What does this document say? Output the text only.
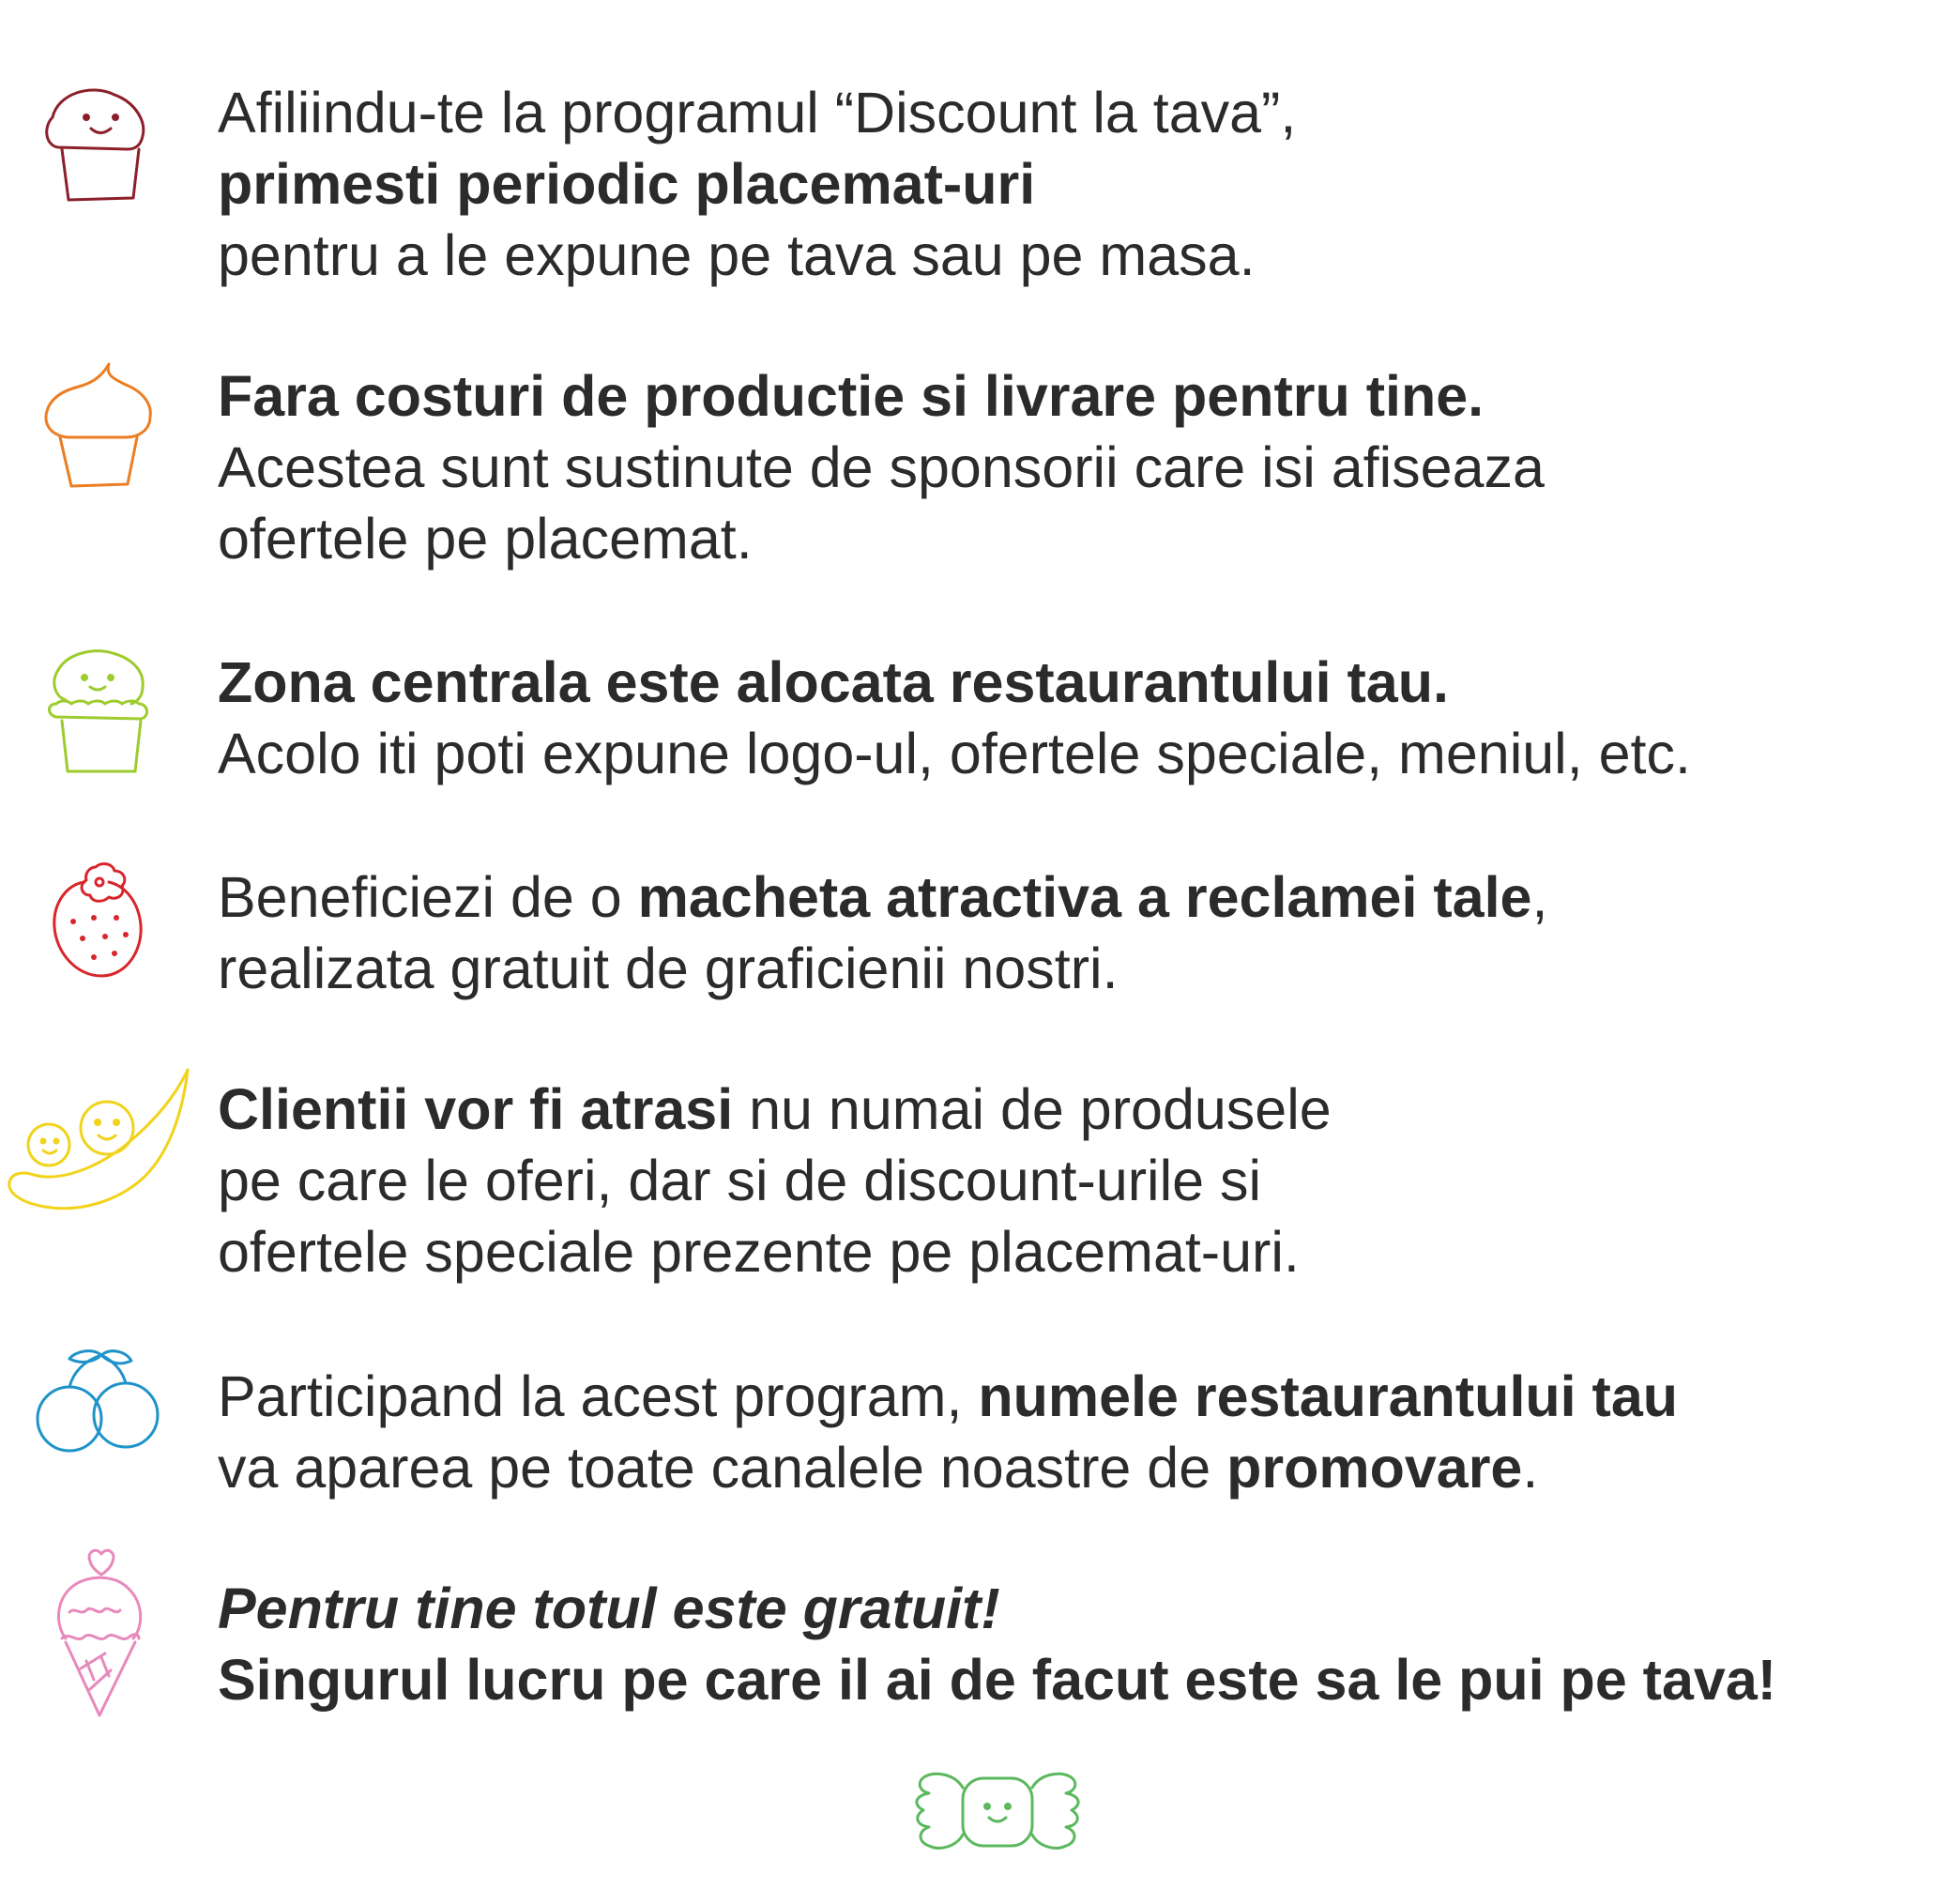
Afiliindu-te la programul “Discount la tava”,
primesti periodic placemat-uri
pentru a le expune pe tava sau pe masa.
Fara costuri de productie si livrare pentru tine.
Acestea sunt sustinute de sponsorii care isi afiseaza
ofertele pe placemat.
Zona centrala este alocata restaurantului tau.
Acolo iti poti expune logo-ul, ofertele speciale, meniul, etc.
Beneficiezi de o macheta atractiva a reclamei tale,
realizata gratuit de graficienii nostri.
Clientii vor fi atrasi nu numai de produsele
pe care le oferi, dar si de discount-urile si
ofertele speciale prezente pe placemat-uri.
Participand la acest program, numele restaurantului tau
va aparea pe toate canalele noastre de promovare.
Pentru tine totul este gratuit!
Singurul lucru pe care il ai de facut este sa le pui pe tava!
